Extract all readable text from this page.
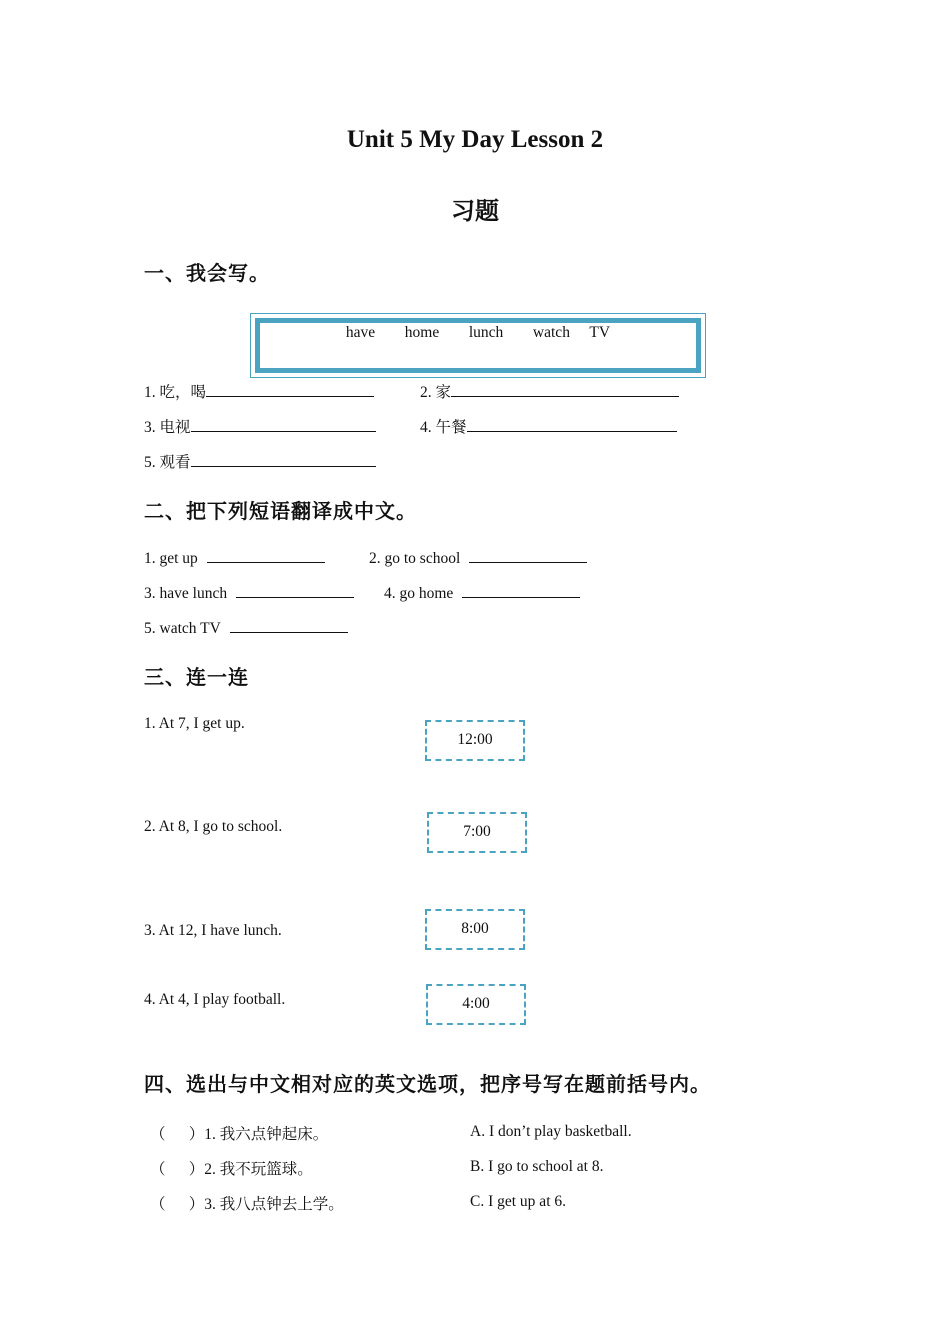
Unit 5 My Day Lesson 2
习题
一、我会写。
have   home   lunch   watch  TV
1. 吃，喝	2. 家
3. 电视	4. 午餐
5. 观看
二、把下列短语翻译成中文。
1. get up	2. go to school
3. have lunch	4. go home
5. watch TV
三、连一连
1. At 7, I get up.
2. At 8, I go to school.
3. At 12, I have lunch.
4. At 4, I play football.
12:00
7:00
8:00
4:00
四、选出与中文相对应的英文选项，把序号写在题前括号内。
（      ）1. 我六点钟起床。
（      ）2. 我不玩篮球。
（      ）3. 我八点钟去上学。
A. I don’t play basketball.
B. I go to school at 8.
C. I get up at 6.
